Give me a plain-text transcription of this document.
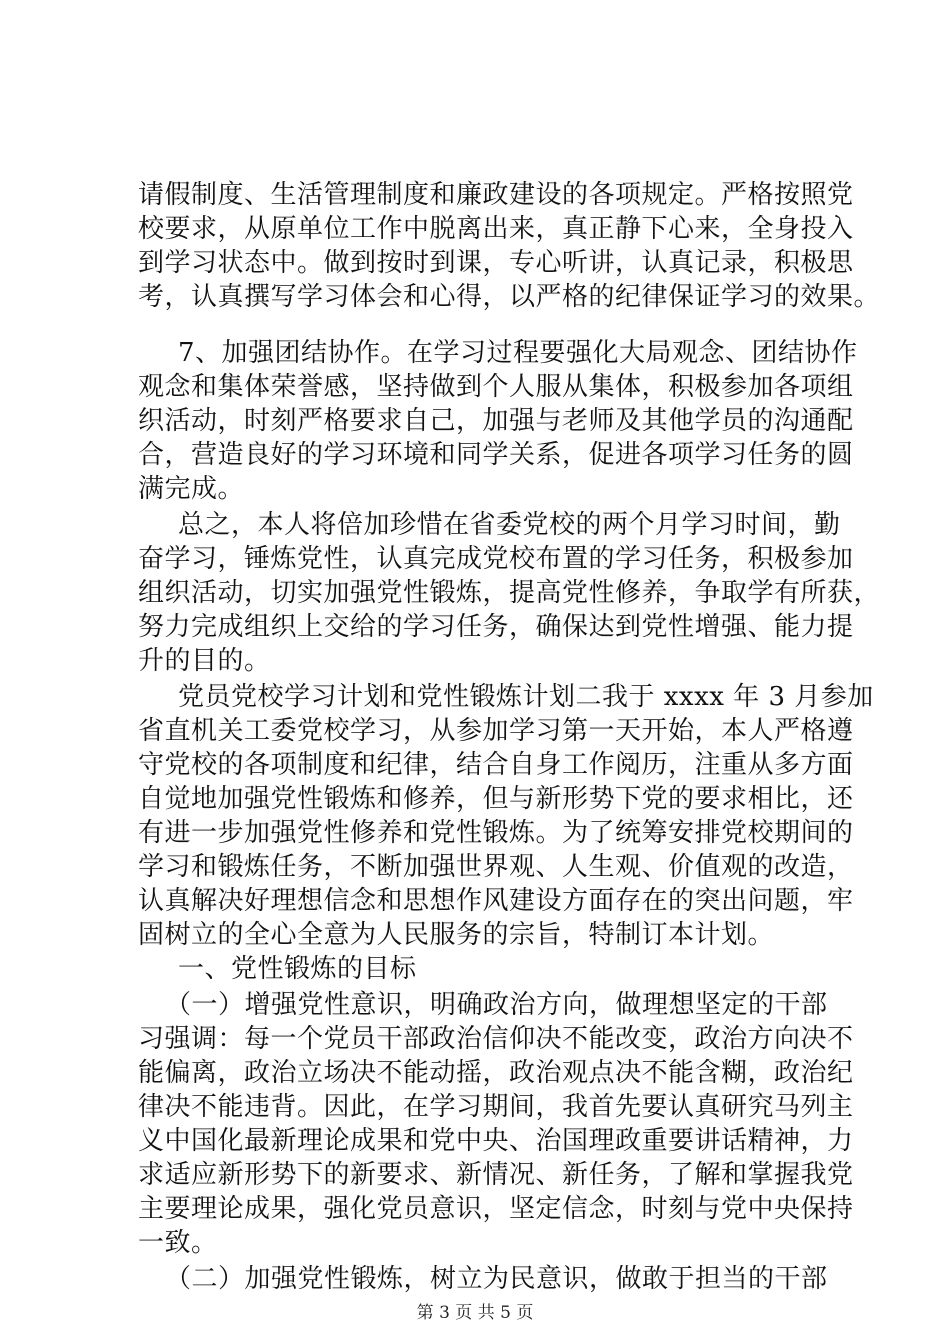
请假制度、生活管理制度和廉政建设的各项规定。严格按照党
校要求，从原单位工作中脱离出来，真正静下心来，全身投入
到学习状态中。做到按时到课，专心听讲，认真记录，积极思
考，认真撰写学习体会和心得，以严格的纪律保证学习的效果。
7、加强团结协作。在学习过程要强化大局观念、团结协作
观念和集体荣誉感，坚持做到个人服从集体，积极参加各项组
织活动，时刻严格要求自己，加强与老师及其他学员的沟通配
合，营造良好的学习环境和同学关系，促进各项学习任务的圆
满完成。
总之，本人将倍加珍惜在省委党校的两个月学习时间，勤
奋学习，锤炼党性，认真完成党校布置的学习任务，积极参加
组织活动，切实加强党性锻炼，提高党性修养，争取学有所获，
努力完成组织上交给的学习任务，确保达到党性增强、能力提
升的目的。
党员党校学习计划和党性锻炼计划二我于 xxxx 年 3 月参加
省直机关工委党校学习，从参加学习第一天开始，本人严格遵
守党校的各项制度和纪律，结合自身工作阅历，注重从多方面
自觉地加强党性锻炼和修养，但与新形势下党的要求相比，还
有进一步加强党性修养和党性锻炼。为了统筹安排党校期间的
学习和锻炼任务，不断加强世界观、人生观、价值观的改造，
认真解决好理想信念和思想作风建设方面存在的突出问题，牢
固树立的全心全意为人民服务的宗旨，特制订本计划。
一、党性锻炼的目标
（一）增强党性意识，明确政治方向，做理想坚定的干部
习强调：每一个党员干部政治信仰决不能改变，政治方向决不
能偏离，政治立场决不能动摇，政治观点决不能含糊，政治纪
律决不能违背。因此，在学习期间，我首先要认真研究马列主
义中国化最新理论成果和党中央、治国理政重要讲话精神，力
求适应新形势下的新要求、新情况、新任务，了解和掌握我党
主要理论成果，强化党员意识，坚定信念，时刻与党中央保持
一致。
（二）加强党性锻炼，树立为民意识，做敢于担当的干部
第 3 页 共 5 页
